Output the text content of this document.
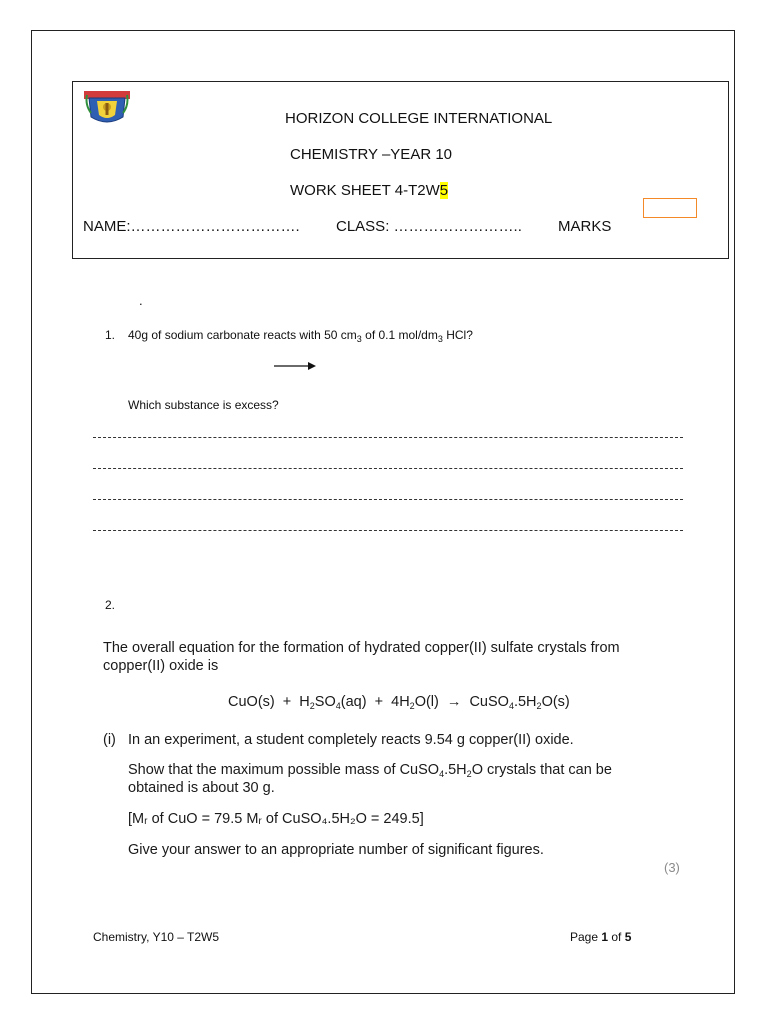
HORIZON COLLEGE INTERNATIONAL
CHEMISTRY –YEAR 10
WORK SHEET 4-T2W5
NAME:……………………………. CLASS: …………………….. MARKS
.
1. 40g of sodium carbonate reacts with 50 $cm_3$ of 0.1 mol/$dm_3$ HCl?
Which substance is excess?
2.
The overall equation for the formation of hydrated copper(II) sulfate crystals from
copper(II) oxide is
$CuO(s) + H_2SO_4(aq) + 4H_2O(l)$  →  $CuSO_4.5H_2O(s)$
(i) In an experiment, a student completely reacts 9.54 g copper(II) oxide.
Show that the maximum possible mass of $CuSO_4.5H_2O$ crystals that can be
obtained is about 30 g.
[Mᵣ of CuO = 79.5 Mᵣ of CuSO₄.5H₂O = 249.5]
Give your answer to an appropriate number of significant figures.
(3)
Chemistry, Y10 – T2W5	Page 1 of 5
